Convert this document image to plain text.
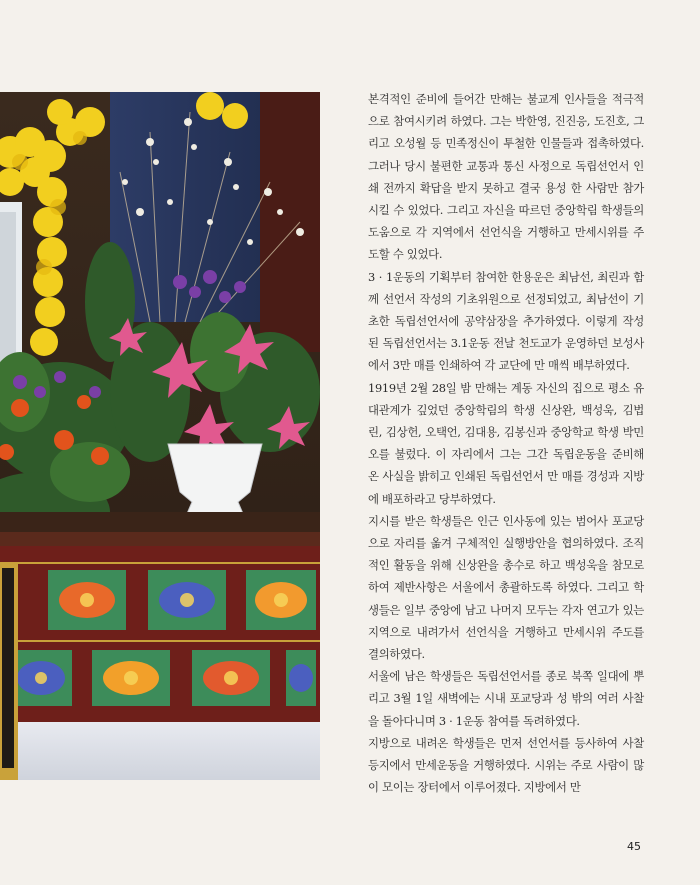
본격적인 준비에 들어간 만해는 불교계 인사들을 적극적으로 참여시키려 하였다. 그는 박한영, 진진응, 도진호, 그리고 오성월 등 민족정신이 투철한 인물들과 접촉하였다. 그러나 당시 불편한 교통과 통신 사정으로 독립선언서 인쇄 전까지 확답을 받지 못하고 결국 용성 한 사람만 참가시킬 수 있었다. 그리고 자신을 따르던 중앙학림 학생들의 도움으로 각 지역에서 선언식을 거행하고 만세시위를 주도할 수 있었다.

3 · 1운동의 기획부터 참여한 한용운은 최남선, 최린과 함께 선언서 작성의 기초위원으로 선정되었고, 최남선이 기초한 독립선언서에 공약삼장을 추가하였다. 이렇게 작성된 독립선언서는 3.1운동 전날 천도교가 운영하던 보성사에서 3만 매를 인쇄하여 각 교단에 만 매씩 배부하였다.

1919년 2월 28일 밤 만해는 계동 자신의 집으로 평소 유대관계가 깊었던 중앙학림의 학생 신상완, 백성욱, 김법린, 김상헌, 오택언, 김대용, 김봉신과 중앙학교 학생 박민오를 불렀다. 이 자리에서 그는 그간 독립운동을 준비해 온 사실을 밝히고 인쇄된 독립선언서 만 매를 경성과 지방에 배포하라고 당부하였다.

지시를 받은 학생들은 인근 인사동에 있는 범어사 포교당으로 자리를 옮겨 구체적인 실행방안을 협의하였다. 조직적인 활동을 위해 신상완을 총수로 하고 백성욱을 참모로 하여 제반사항은 서울에서 총괄하도록 하였다. 그리고 학생들은 일부 중앙에 남고 나머지 모두는 각자 연고가 있는 지역으로 내려가서 선언식을 거행하고 만세시위 주도를 결의하였다.

서울에 남은 학생들은 독립선언서를 종로 북쪽 일대에 뿌리고 3월 1일 새벽에는 시내 포교당과 성 밖의 여러 사찰을 돌아다니며 3 · 1운동 참여를 독려하였다.

지방으로 내려온 학생들은 먼저 선언서를 등사하여 사찰 등지에서 만세운동을 거행하였다. 시위는 주로 사람이 많이 모이는 장터에서 이루어졌다. 지방에서 만

45
